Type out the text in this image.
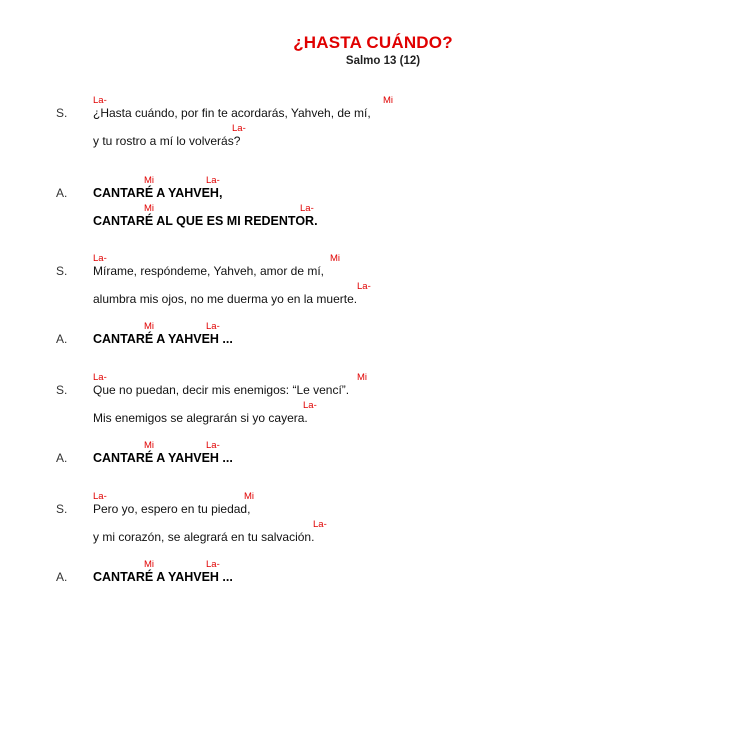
¿HASTA CUÁNDO?
Salmo 13 (12)
S.
La-	Mi
¿Hasta cuándo, por fin te acordarás, Yahveh, de mí,
La-
y tu rostro a mí lo volverás?
A.
Mi	La-
CANTARÉ A YAHVEH,
Mi	La-
CANTARÉ AL QUE ES MI REDENTOR.
S.
La-	Mi
Mírame, respóndeme, Yahveh, amor de mí,
La-
alumbra mis ojos, no me duerma yo en la muerte.
A.
Mi	La-
CANTARÉ A YAHVEH ...
S.
La-	Mi
Que no puedan, decir mis enemigos: “Le vencí”.
La-
Mis enemigos se alegrarán si yo cayera.
A.
Mi	La-
CANTARÉ A YAHVEH ...
S.
La-	Mi
Pero yo, espero en tu piedad,
La-
y mi corazón, se alegrará en tu salvación.
A.
Mi	La-
CANTARÉ A YAHVEH ...
